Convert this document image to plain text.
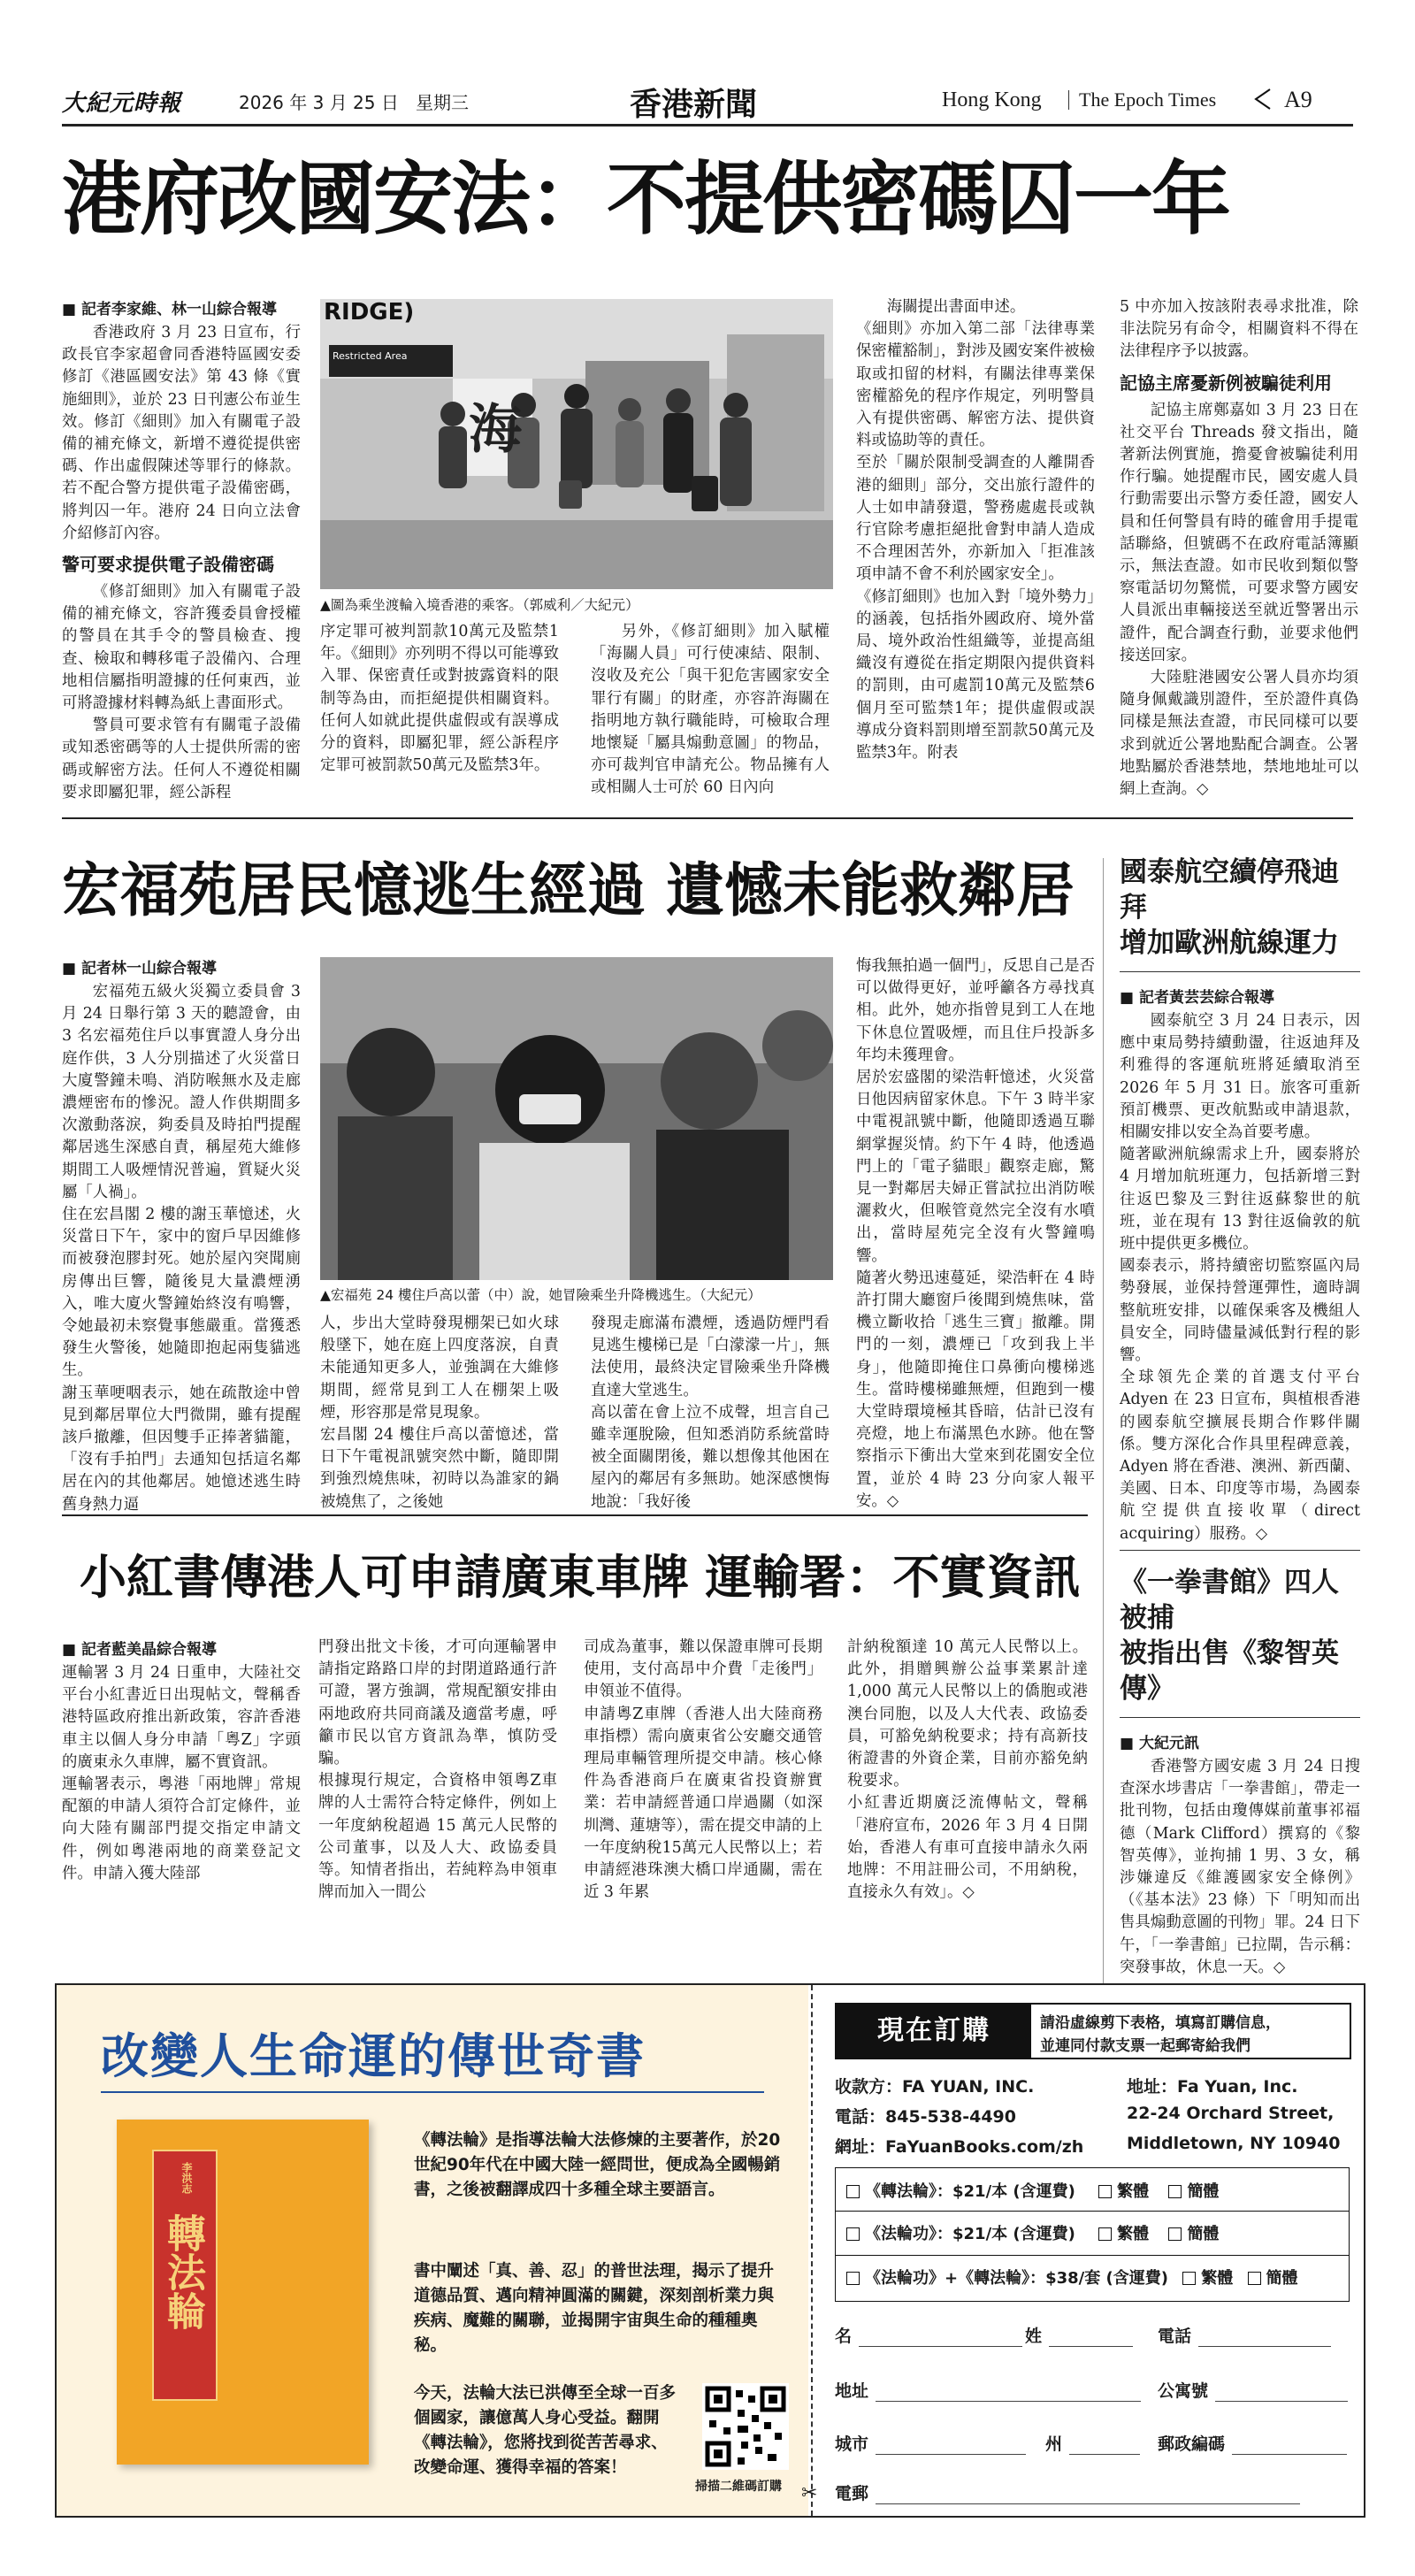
大紀元時報	2026 年 3 月 25 日 星期三	香港新聞	Hong Kong The Epoch Times	A9
港府改國安法：不提供密碼囚一年
■ 記者李家維、林一山綜合報導
香港政府 3 月 23 日宣布，行政長官李家超會同香港特區國安委修訂《港區國安法》第 43 條《實施細則》，並於 23 日刊憲公布並生效。修訂《細則》加入有關電子設備的補充條文，新增不遵從提供密碼、作出虛假陳述等罪行的條款。若不配合警方提供電子設備密碼，將判囚一年。港府 24 日向立法會介紹修訂內容。
警可要求提供電子設備密碼
《修訂細則》加入有關電子設備的補充條文，容許獲委員會授權的警員在其手令的警員檢查、搜查、檢取和轉移電子設備內、合理地相信屬指明證據的任何東西，並可將證據材料轉為紙上書面形式。
警員可要求管有有關電子設備或知悉密碼等的人士提供所需的密碼或解密方法。任何人不遵從相關要求即屬犯罪，經公訴程
RIDGE)
Restricted Area
海
▲圖為乘坐渡輪入境香港的乘客。（郭威利／大紀元）
序定罪可被判罰款10萬元及監禁1年。《細則》亦列明不得以可能導致入罪、保密責任或對披露資料的限制等為由，而拒絕提供相關資料。任何人如就此提供虛假或有誤導成分的資料，即屬犯罪，經公訴程序定罪可被罰款50萬元及監禁3年。
另外，《修訂細則》加入賦權「海關人員」可行使凍結、限制、沒收及充公「與干犯危害國家安全罪行有關」的財產，亦容許海關在指明地方執行職能時，可檢取合理地懷疑「屬具煽動意圖」的物品，亦可裁判官申請充公。物品擁有人或相關人士可於 60 日內向
海關提出書面申述。
《細則》亦加入第二部「法律專業保密權豁制」，對涉及國安案件被檢取或扣留的材料，有關法律專業保密權豁免的程序作規定，列明警員入有提供密碼、解密方法、提供資料或協助等的責任。
至於「關於限制受調查的人離開香港的細則」部分，交出旅行證件的人士如申請發還，警務處處長或執行官除考慮拒絕批會對申請人造成不合理困苦外，亦新加入「拒准該項申請不會不利於國家安全」。
《修訂細則》也加入對「境外勢力」的涵義，包括指外國政府、境外當局、境外政治性組織等，並提高組織沒有遵從在指定期限內提供資料的罰則，由可處罰10萬元及監禁6個月至可監禁1年；提供虛假或誤導成分資料罰則增至罰款50萬元及監禁3年。附表
5 中亦加入按該附表尋求批准，除非法院另有命令，相關資料不得在法律程序予以披露。
記協主席憂新例被騙徒利用
記協主席鄭嘉如 3 月 23 日在社交平台 Threads 發文指出，隨著新法例實施，擔憂會被騙徒利用作行騙。她提醒市民，國安處人員行動需要出示警方委任證，國安人員和任何警員有時的確會用手提電話聯絡，但號碼不在政府電話簿顯示，無法查證。如市民收到類似警察電話切勿驚慌，可要求警方國安人員派出車輛接送至就近警署出示證件，配合調查行動，並要求他們接送回家。
大陸駐港國安公署人員亦均須隨身佩戴識別證件，至於證件真偽同樣是無法查證，市民同樣可以要求到就近公署地點配合調查。公署地點屬於香港禁地，禁地地址可以網上查詢。◇
宏福苑居民憶逃生經過 遺憾未能救鄰居
■ 記者林一山綜合報導
宏福苑五級火災獨立委員會 3 月 24 日舉行第 3 天的聽證會，由 3 名宏福苑住戶以事實證人身分出庭作供，3 人分別描述了火災當日大廈警鐘未鳴、消防喉無水及走廊濃煙密布的慘況。證人作供期間多次激動落淚，夠委員及時拍門提醒鄰居逃生深感自責，稱屋苑大維修期間工人吸煙情況普遍，質疑火災屬「人禍」。
住在宏昌閣 2 樓的謝玉華憶述，火災當日下午，家中的窗戶早因維修而被發泡膠封死。她於屋內突聞廁房傳出巨響，隨後見大量濃煙湧入，唯大廈火警鐘始終沒有鳴響，令她最初未察覺事態嚴重。當獲悉發生火警後，她隨即抱起兩隻貓逃生。
謝玉華哽咽表示，她在疏散途中曾見到鄰居單位大門微開，雖有提醒該戶撤離，但因雙手正捧著貓籠，「沒有手拍門」去通知包括這名鄰居在內的其他鄰居。她憶述逃生時舊身熱力逼
▲宏福苑 24 樓住戶高以蕾（中）說，她冒險乘坐升降機逃生。（大紀元）
人，步出大堂時發現棚架已如火球般墜下，她在庭上四度落淚，自責未能通知更多人，並強調在大維修期間，經常見到工人在棚架上吸煙，形容那是常見現象。
宏昌閣 24 樓住戶高以蕾憶述，當日下午電視訊號突然中斷，隨即開到強烈燒焦味，初時以為誰家的鍋被燒焦了，之後她
發現走廊滿布濃煙，透過防煙門看見逃生樓梯已是「白濛濛一片」，無法使用，最終決定冒險乘坐升降機直達大堂逃生。
高以蕾在會上泣不成聲，坦言自己雖幸運脫險，但知悉消防系統當時被全面關閉後，難以想像其他困在屋內的鄰居有多無助。她深感懊悔地說：「我好後
悔我無拍過一個門」，反思自己是否可以做得更好，並呼籲各方尋找真相。此外，她亦指曾見到工人在地下休息位置吸煙，而且住戶投訴多年均未獲理會。
居於宏盛閣的梁浩軒憶述，火災當日他因病留家休息。下午 3 時半家中電視訊號中斷，他隨即透過互聯網掌握災情。約下午 4 時，他透過門上的「電子貓眼」觀察走廊，驚見一對鄰居夫婦正嘗試拉出消防喉灑救火，但喉管竟然完全沒有水噴出，當時屋苑完全沒有火警鐘鳴響。
隨著火勢迅速蔓延，梁浩軒在 4 時許打開大廳窗戶後聞到燒焦味，當機立斷收拾「逃生三寶」撤離。開門的一刻，濃煙已「攻到我上半身」，他隨即掩住口鼻衝向樓梯逃生。當時樓梯雖無煙，但跑到一樓大堂時環境極其昏暗，估計已沒有亮燈，地上布滿黑色水跡。他在警察指示下衝出大堂來到花園安全位置，並於 4 時 23 分向家人報平安。◇
國泰航空續停飛迪拜
增加歐洲航線運力
■ 記者黃芸芸綜合報導
國泰航空 3 月 24 日表示，因應中東局勢持續動盪，往返迪拜及利雅得的客運航班將延續取消至 2026 年 5 月 31 日。旅客可重新預訂機票、更改航點或申請退款，相關安排以安全為首要考慮。
隨著歐洲航線需求上升，國泰將於 4 月增加航班運力，包括新增三對往返巴黎及三對往返蘇黎世的航班，並在現有 13 對往返倫敦的航班中提供更多機位。
國泰表示，將持續密切監察區內局勢發展，並保持營運彈性，適時調整航班安排，以確保乘客及機組人員安全，同時儘量減低對行程的影響。
全球領先企業的首選支付平台 Adyen 在 23 日宣布，與植根香港的國泰航空擴展長期合作夥伴關係。雙方深化合作具里程碑意義，Adyen 將在香港、澳洲、新西蘭、美國、日本、印度等市場，為國泰航空提供直接收單（direct acquiring）服務。◇
小紅書傳港人可申請廣東車牌 運輸署：不實資訊
■ 記者藍美晶綜合報導
運輸署 3 月 24 日重申，大陸社交平台小紅書近日出現帖文，聲稱香港特區政府推出新政策，容許香港車主以個人身分申請「粵Z」字頭的廣東永久車牌，屬不實資訊。
運輸署表示，粵港「兩地牌」常規配額的申請人須符合訂定條件，並向大陸有關部門提交指定申請文件，例如粵港兩地的商業登記文件。申請入獲大陸部
門發出批文卡後，才可向運輸署申請指定路路口岸的封閉道路通行許可證，署方強調，常規配額安排由兩地政府共同商議及適當考慮，呼籲市民以官方資訊為準，慎防受騙。
根據現行規定，合資格申領粵Z車牌的人士需符合特定條件，例如上一年度納稅超過 15 萬元人民幣的公司董事，以及人大、政協委員等。知情者指出，若純粹為申領車牌而加入一間公
司成為董事，難以保證車牌可長期使用，支付高昂中介費「走後門」申領並不值得。
申請粵Z車牌（香港人出大陸商務車指標）需向廣東省公安廳交通管理局車輛管理所提交申請。核心條件為香港商戶在廣東省投資辦實業：若申請經普通口岸過關（如深圳灣、蓮塘等），需在提交申請的上一年度納稅15萬元人民幣以上；若申請經港珠澳大橋口岸通關，需在近 3 年累
計納稅額達 10 萬元人民幣以上。此外，捐贈興辦公益事業累計達 1,000 萬元人民幣以上的僑胞或港澳台同胞，以及人大代表、政協委員，可豁免納稅要求；持有高新技術證書的外資企業，目前亦豁免納稅要求。
小紅書近期廣泛流傳帖文，聲稱「港府宣布，2026 年 3 月 4 日開始，香港人有車可直接申請永久兩地牌：不用註冊公司，不用納稅，直接永久有效」。◇
《一拳書館》四人被捕
被指出售《黎智英傳》
■ 大紀元訊
香港警方國安處 3 月 24 日搜查深水埗書店「一拳書館」，帶走一批刊物，包括由瓊傳媒前董事祁福德（Mark Clifford）撰寫的《黎智英傳》，並拘捕 1 男、3 女，稱涉嫌違反《維護國家安全條例》（《基本法》23 條）下「明知而出售具煽動意圖的刊物」罪。24 日下午，「一拳書館」已拉閘，告示稱：突發事故，休息一天。◇
改變人生命運的傳世奇書
李洪志
轉法輪
《轉法輪》是指導法輪大法修煉的主要著作，於20世紀90年代在中國大陸一經問世，便成為全國暢銷書，之後被翻譯成四十多種全球主要語言。
書中闡述「真、善、忍」的普世法理，揭示了提升道德品質、邁向精神圓滿的關鍵，深刻剖析業力與疾病、魔難的關聯，並揭開宇宙與生命的種種奧秘。
今天，法輪大法已洪傳至全球一百多個國家，讓億萬人身心受益。翻開《轉法輪》，您將找到從苦苦尋求、改變命運、獲得幸福的答案！
掃描二維碼訂購 ✂
現在訂購	請沿虛線剪下表格，填寫訂購信息，
並連同付款支票一起郵寄給我們
收款方：FA YUAN, INC.
電話：845-538-4490
網址：FaYuanBooks.com/zh
地址：Fa Yuan, Inc.
22-24 Orchard Street,
Middletown, NY 10940
《轉法輪》：$21/本 (含運費)	繁體 簡體
《法輪功》：$21/本 (含運費)	繁體 簡體
《法輪功》+《轉法輪》：$38/套 (含運費) 繁體 簡體
名	姓	電話
地址	公寓號
城市	州	郵政編碼
電郵
